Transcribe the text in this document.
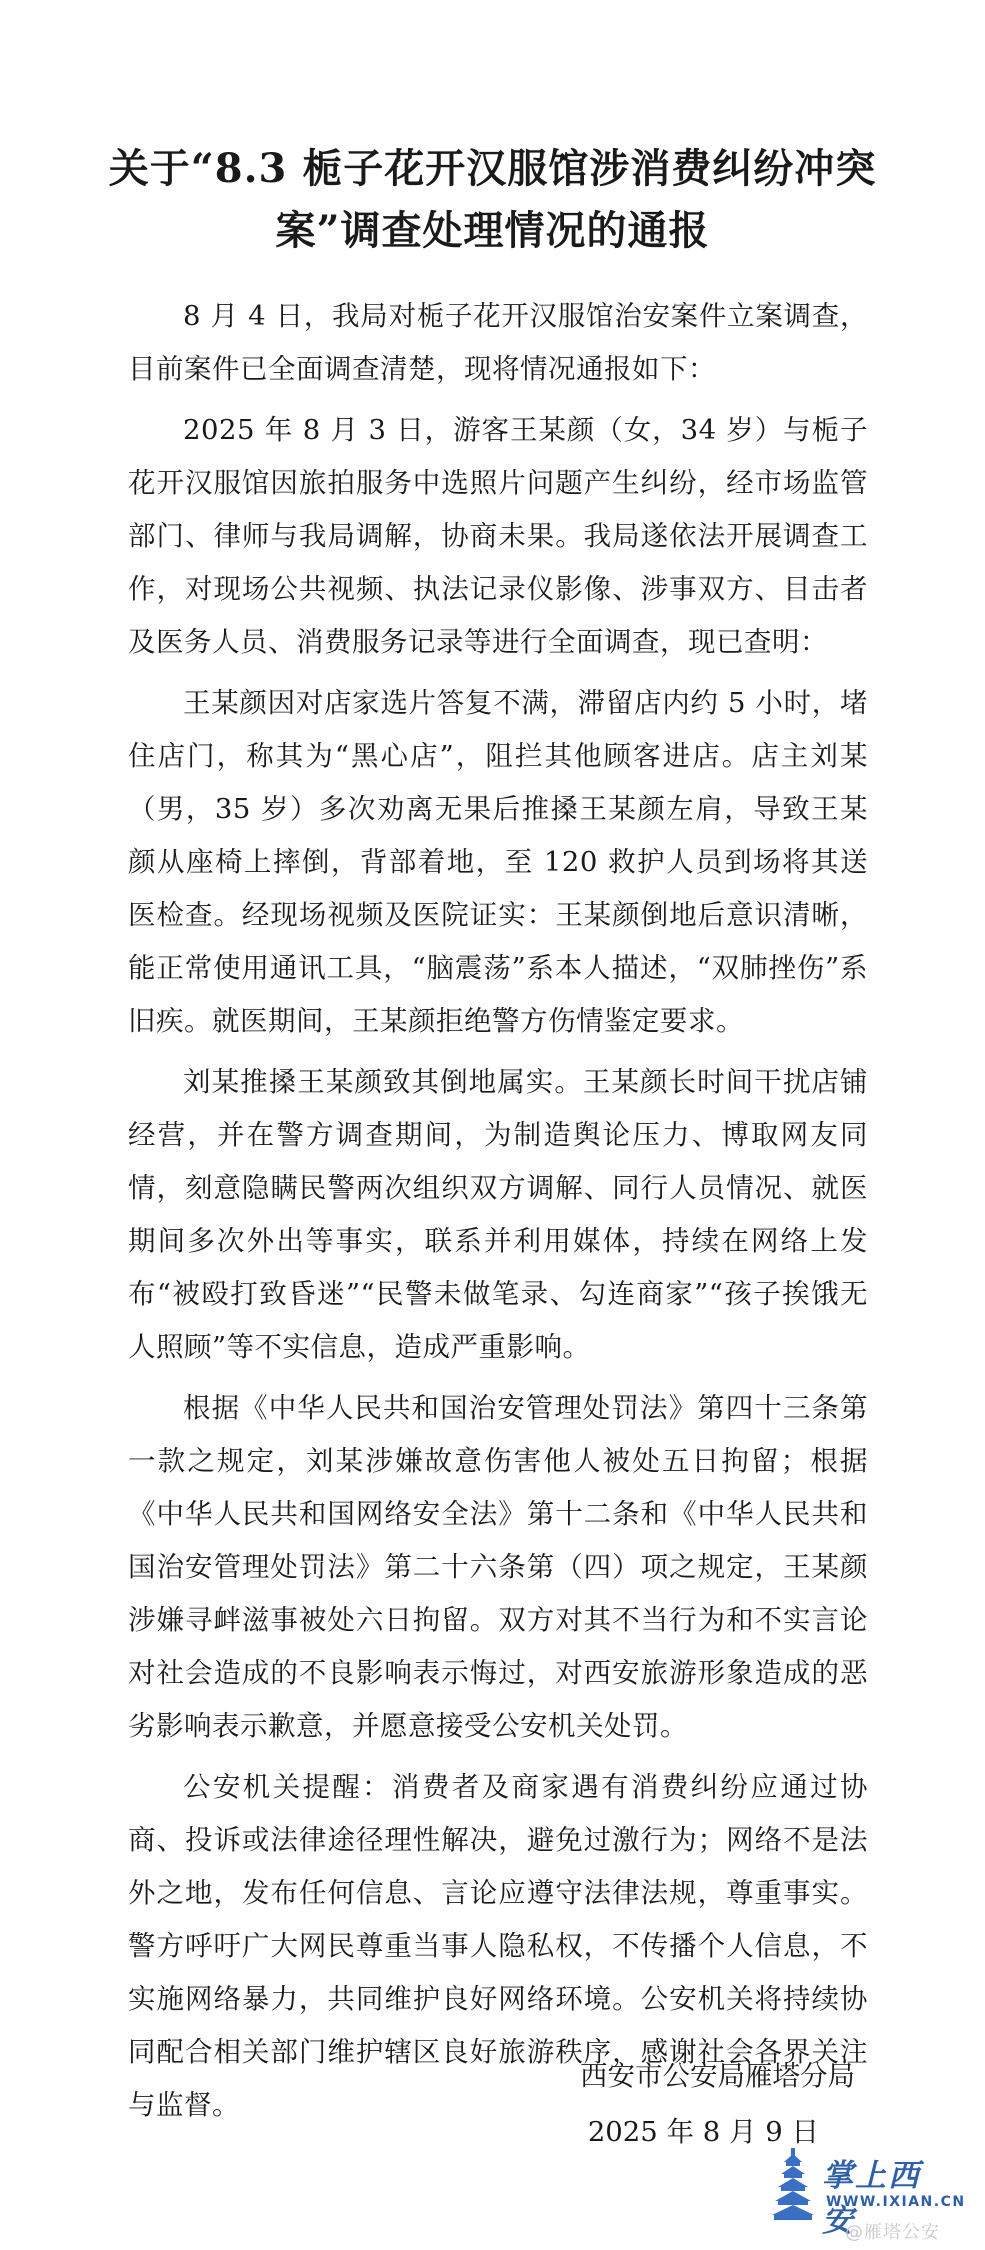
关于“8.3 栀子花开汉服馆涉消费纠纷冲突案”调查处理情况的通报

8 月 4 日，我局对栀子花开汉服馆治安案件立案调查，目前案件已全面调查清楚，现将情况通报如下：

2025 年 8 月 3 日，游客王某颜（女，34 岁）与栀子花开汉服馆因旅拍服务中选照片问题产生纠纷，经市场监管部门、律师与我局调解，协商未果。我局遂依法开展调查工作，对现场公共视频、执法记录仪影像、涉事双方、目击者及医务人员、消费服务记录等进行全面调查，现已查明：

王某颜因对店家选片答复不满，滞留店内约 5 小时，堵住店门，称其为“黑心店”，阻拦其他顾客进店。店主刘某（男，35 岁）多次劝离无果后推搡王某颜左肩，导致王某颜从座椅上摔倒，背部着地，至 120 救护人员到场将其送医检查。经现场视频及医院证实：王某颜倒地后意识清晰，能正常使用通讯工具，“脑震荡”系本人描述，“双肺挫伤”系旧疾。就医期间，王某颜拒绝警方伤情鉴定要求。

刘某推搡王某颜致其倒地属实。王某颜长时间干扰店铺经营，并在警方调查期间，为制造舆论压力、博取网友同情，刻意隐瞒民警两次组织双方调解、同行人员情况、就医期间多次外出等事实，联系并利用媒体，持续在网络上发布“被殴打致昏迷”“民警未做笔录、勾连商家”“孩子挨饿无人照顾”等不实信息，造成严重影响。

根据《中华人民共和国治安管理处罚法》第四十三条第一款之规定，刘某涉嫌故意伤害他人被处五日拘留；根据《中华人民共和国网络安全法》第十二条和《中华人民共和国治安管理处罚法》第二十六条第（四）项之规定，王某颜涉嫌寻衅滋事被处六日拘留。双方对其不当行为和不实言论对社会造成的不良影响表示悔过，对西安旅游形象造成的恶劣影响表示歉意，并愿意接受公安机关处罚。

公安机关提醒：消费者及商家遇有消费纠纷应通过协商、投诉或法律途径理性解决，避免过激行为；网络不是法外之地，发布任何信息、言论应遵守法律法规，尊重事实。警方呼吁广大网民尊重当事人隐私权，不传播个人信息，不实施网络暴力，共同维护良好网络环境。公安机关将持续协同配合相关部门维护辖区良好旅游秩序，感谢社会各界关注与监督。

西安市公安局雁塔分局
2025 年 8 月 9 日
掌上西安
WWW.IXIAN.CN
@雁塔公安
